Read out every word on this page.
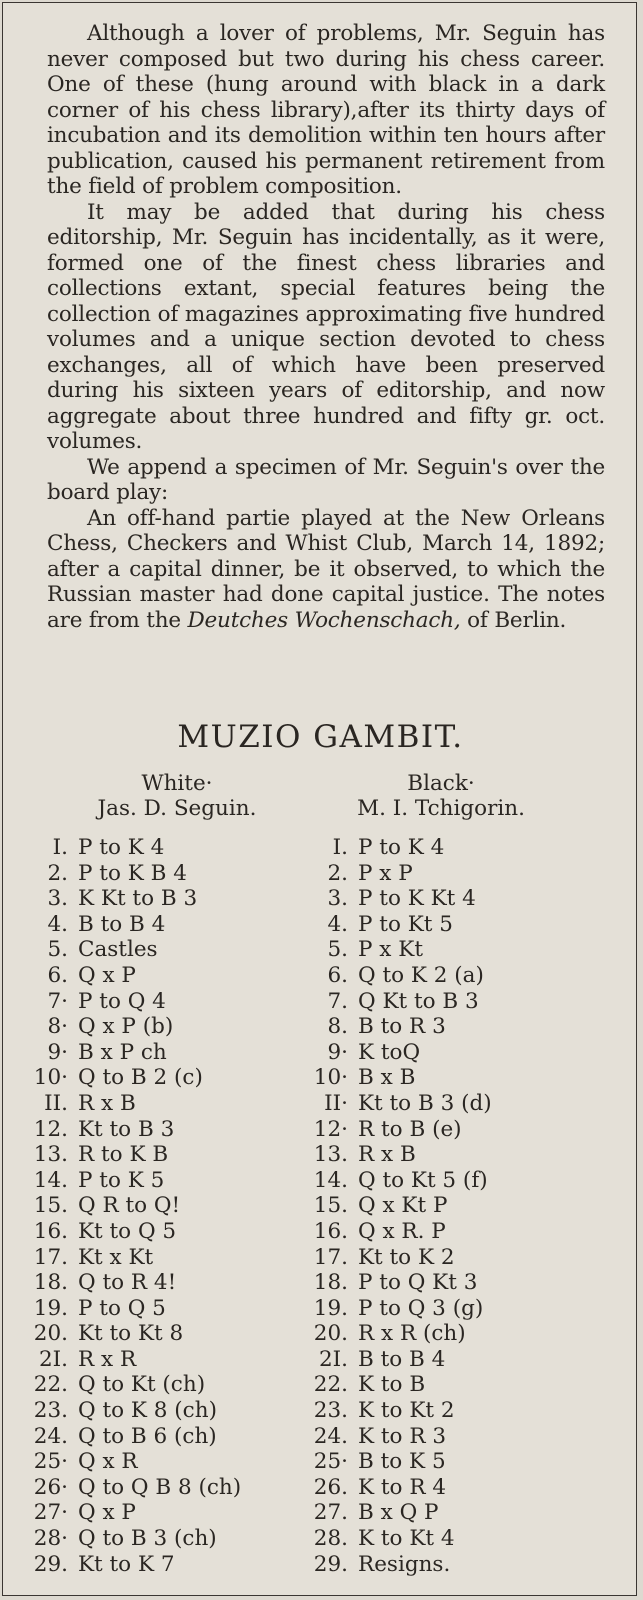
Although a lover of problems, Mr. Seguin has never composed but two during his chess career. One of these (hung around with black in a dark corner of his chess library),after its thirty days of incubation and its demolition within ten hours after publication, caused his permanent retirement from the field of problem composition.

It may be added that during his chess editorship, Mr. Seguin has incidentally, as it were, formed one of the finest chess libraries and collections extant, special features being the collection of magazines approximating five hundred volumes and a unique section devoted to chess exchanges, all of which have been preserved during his sixteen years of editorship, and now aggregate about three hundred and fifty gr. oct. volumes.

We append a specimen of Mr. Seguin's over the board play:

An off-hand partie played at the New Orleans Chess, Checkers and Whist Club, March 14, 1892; after a capital dinner, be it observed, to which the Russian master had done capital justice. The notes are from the Deutches Wochenschach, of Berlin.

MUZIO GAMBIT.
White·
Jas. D. Seguin.
Black·
M. I. Tchigorin.
I. P to K 4
2. P to K B 4
3. K Kt to B 3
4. B to B 4
5. Castles
6. Q x P
7· P to Q 4
8· Q x P (b)
9· B x P ch
10· Q to B 2 (c)
II. R x B
12. Kt to B 3
13. R to K B
14. P to K 5
15. Q R to Q!
16. Kt to Q 5
17. Kt x Kt
18. Q to R 4!
19. P to Q 5
20. Kt to Kt 8
2I. R x R
22. Q to Kt (ch)
23. Q to K 8 (ch)
24. Q to B 6 (ch)
25· Q x R
26· Q to Q B 8 (ch)
27· Q x P
28· Q to B 3 (ch)
29. Kt to K 7
I. P to K 4
2. P x P
3. P to K Kt 4
4. P to Kt 5
5. P x Kt
6. Q to K 2 (a)
7. Q Kt to B 3
8. B to R 3
9· K toQ
10· B x B
II· Kt to B 3 (d)
12· R to B (e)
13. R x B
14. Q to Kt 5 (f)
15. Q x Kt P
16. Q x R. P
17. Kt to K 2
18. P to Q Kt 3
19. P to Q 3 (g)
20. R x R (ch)
2I. B to B 4
22. K to B
23. K to Kt 2
24. K to R 3
25· B to K 5
26. K to R 4
27. B x Q P
28. K to Kt 4
29. Resigns.
